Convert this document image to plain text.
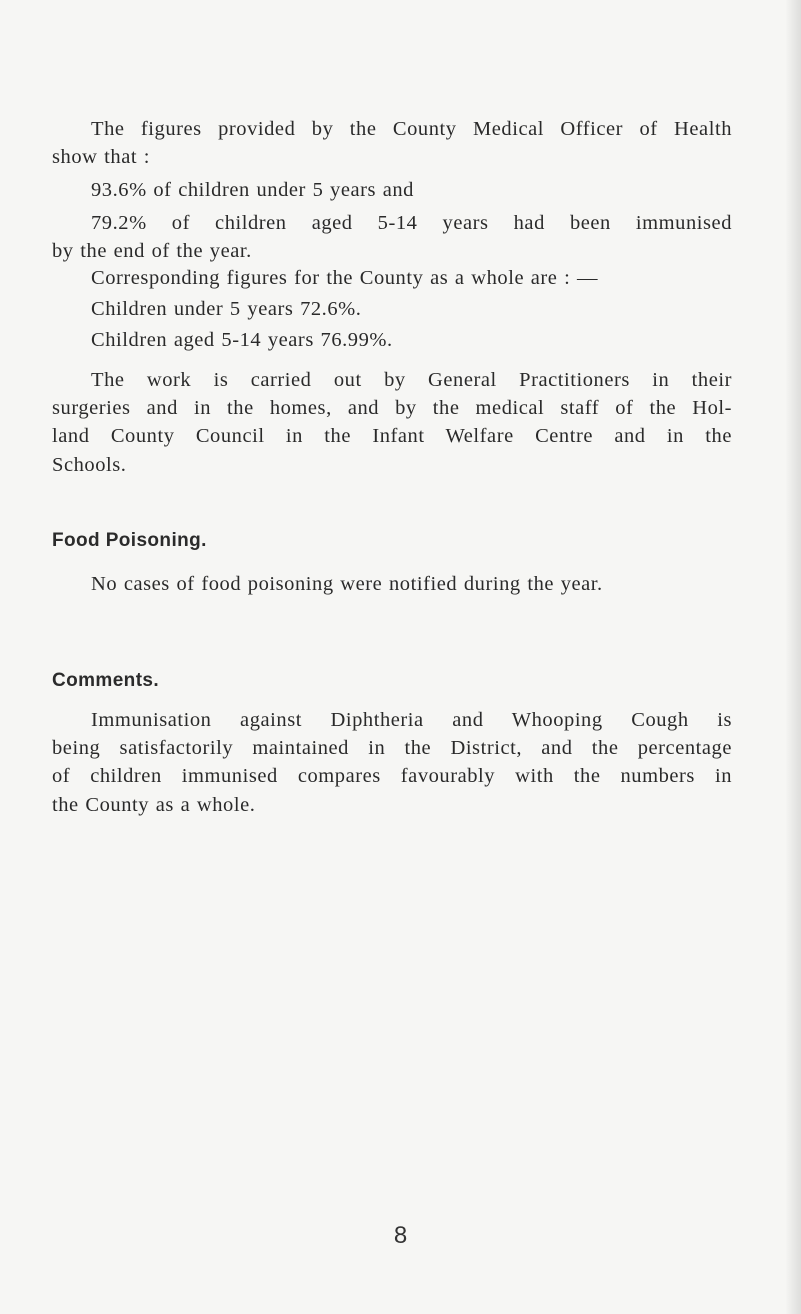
The figures provided by the County Medical Officer of Health
show that :
93.6% of children under 5 years and
79.2% of children aged 5-14 years had been immunised
by the end of the year.
Corresponding figures for the County as a whole are : —
Children under 5 years 72.6%.
Children aged 5-14 years 76.99%.
The work is carried out by General Practitioners in their
surgeries and in the homes, and by the medical staff of the Hol-
land County Council in the Infant Welfare Centre and in the
Schools.
Food Poisoning.
No cases of food poisoning were notified during the year.
Comments.
Immunisation against Diphtheria and Whooping Cough is
being satisfactorily maintained in the District, and the percentage
of children immunised compares favourably with the numbers in
the County as a whole.
8
